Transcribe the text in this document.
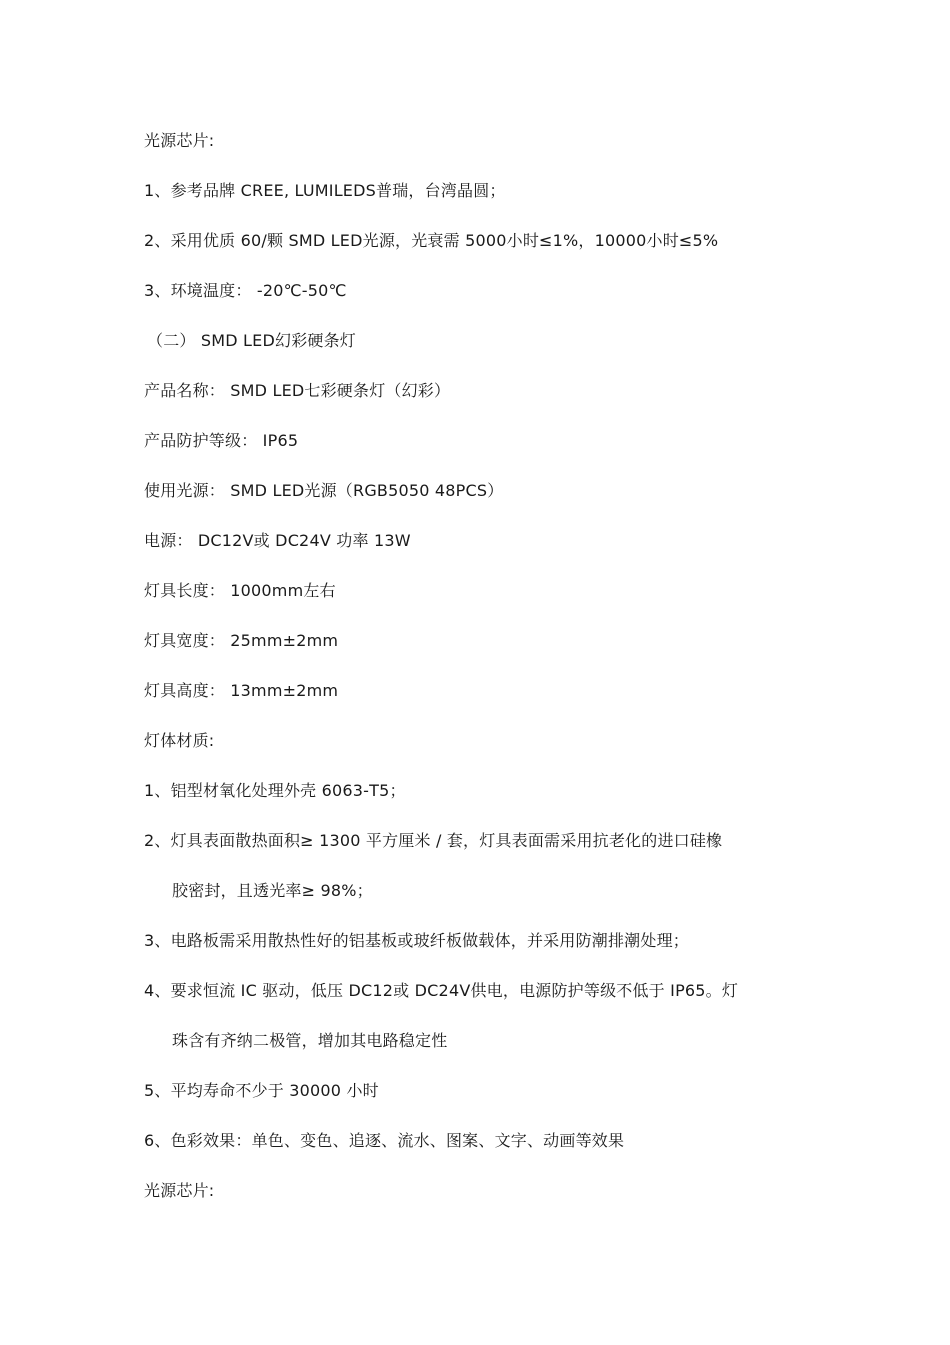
光源芯片:
1、参考品牌 CREE, LUMILEDS普瑞，台湾晶圆；
2、采用优质 60/颗 SMD LED光源，光衰需 5000小时≤1%，10000小时≤5%
3、环境温度： -20℃-50℃
（二） SMD LED幻彩硬条灯
产品名称： SMD LED七彩硬条灯（幻彩）
产品防护等级： IP65
使用光源： SMD LED光源（RGB5050 48PCS）
电源： DC12V或 DC24V 功率 13W
灯具长度： 1000mm左右
灯具宽度： 25mm±2mm
灯具高度： 13mm±2mm
灯体材质:
1、铝型材氧化处理外壳 6063-T5；
2、灯具表面散热面积≥ 1300 平方厘米 / 套，灯具表面需采用抗老化的进口硅橡
胶密封，且透光率≥ 98%；
3、电路板需采用散热性好的铝基板或玻纤板做载体，并采用防潮排潮处理；
4、要求恒流 IC 驱动，低压 DC12或 DC24V供电，电源防护等级不低于 IP65。灯
珠含有齐纳二极管，增加其电路稳定性
5、平均寿命不少于 30000 小时
6、色彩效果：单色、变色、追逐、流水、图案、文字、动画等效果
光源芯片:
